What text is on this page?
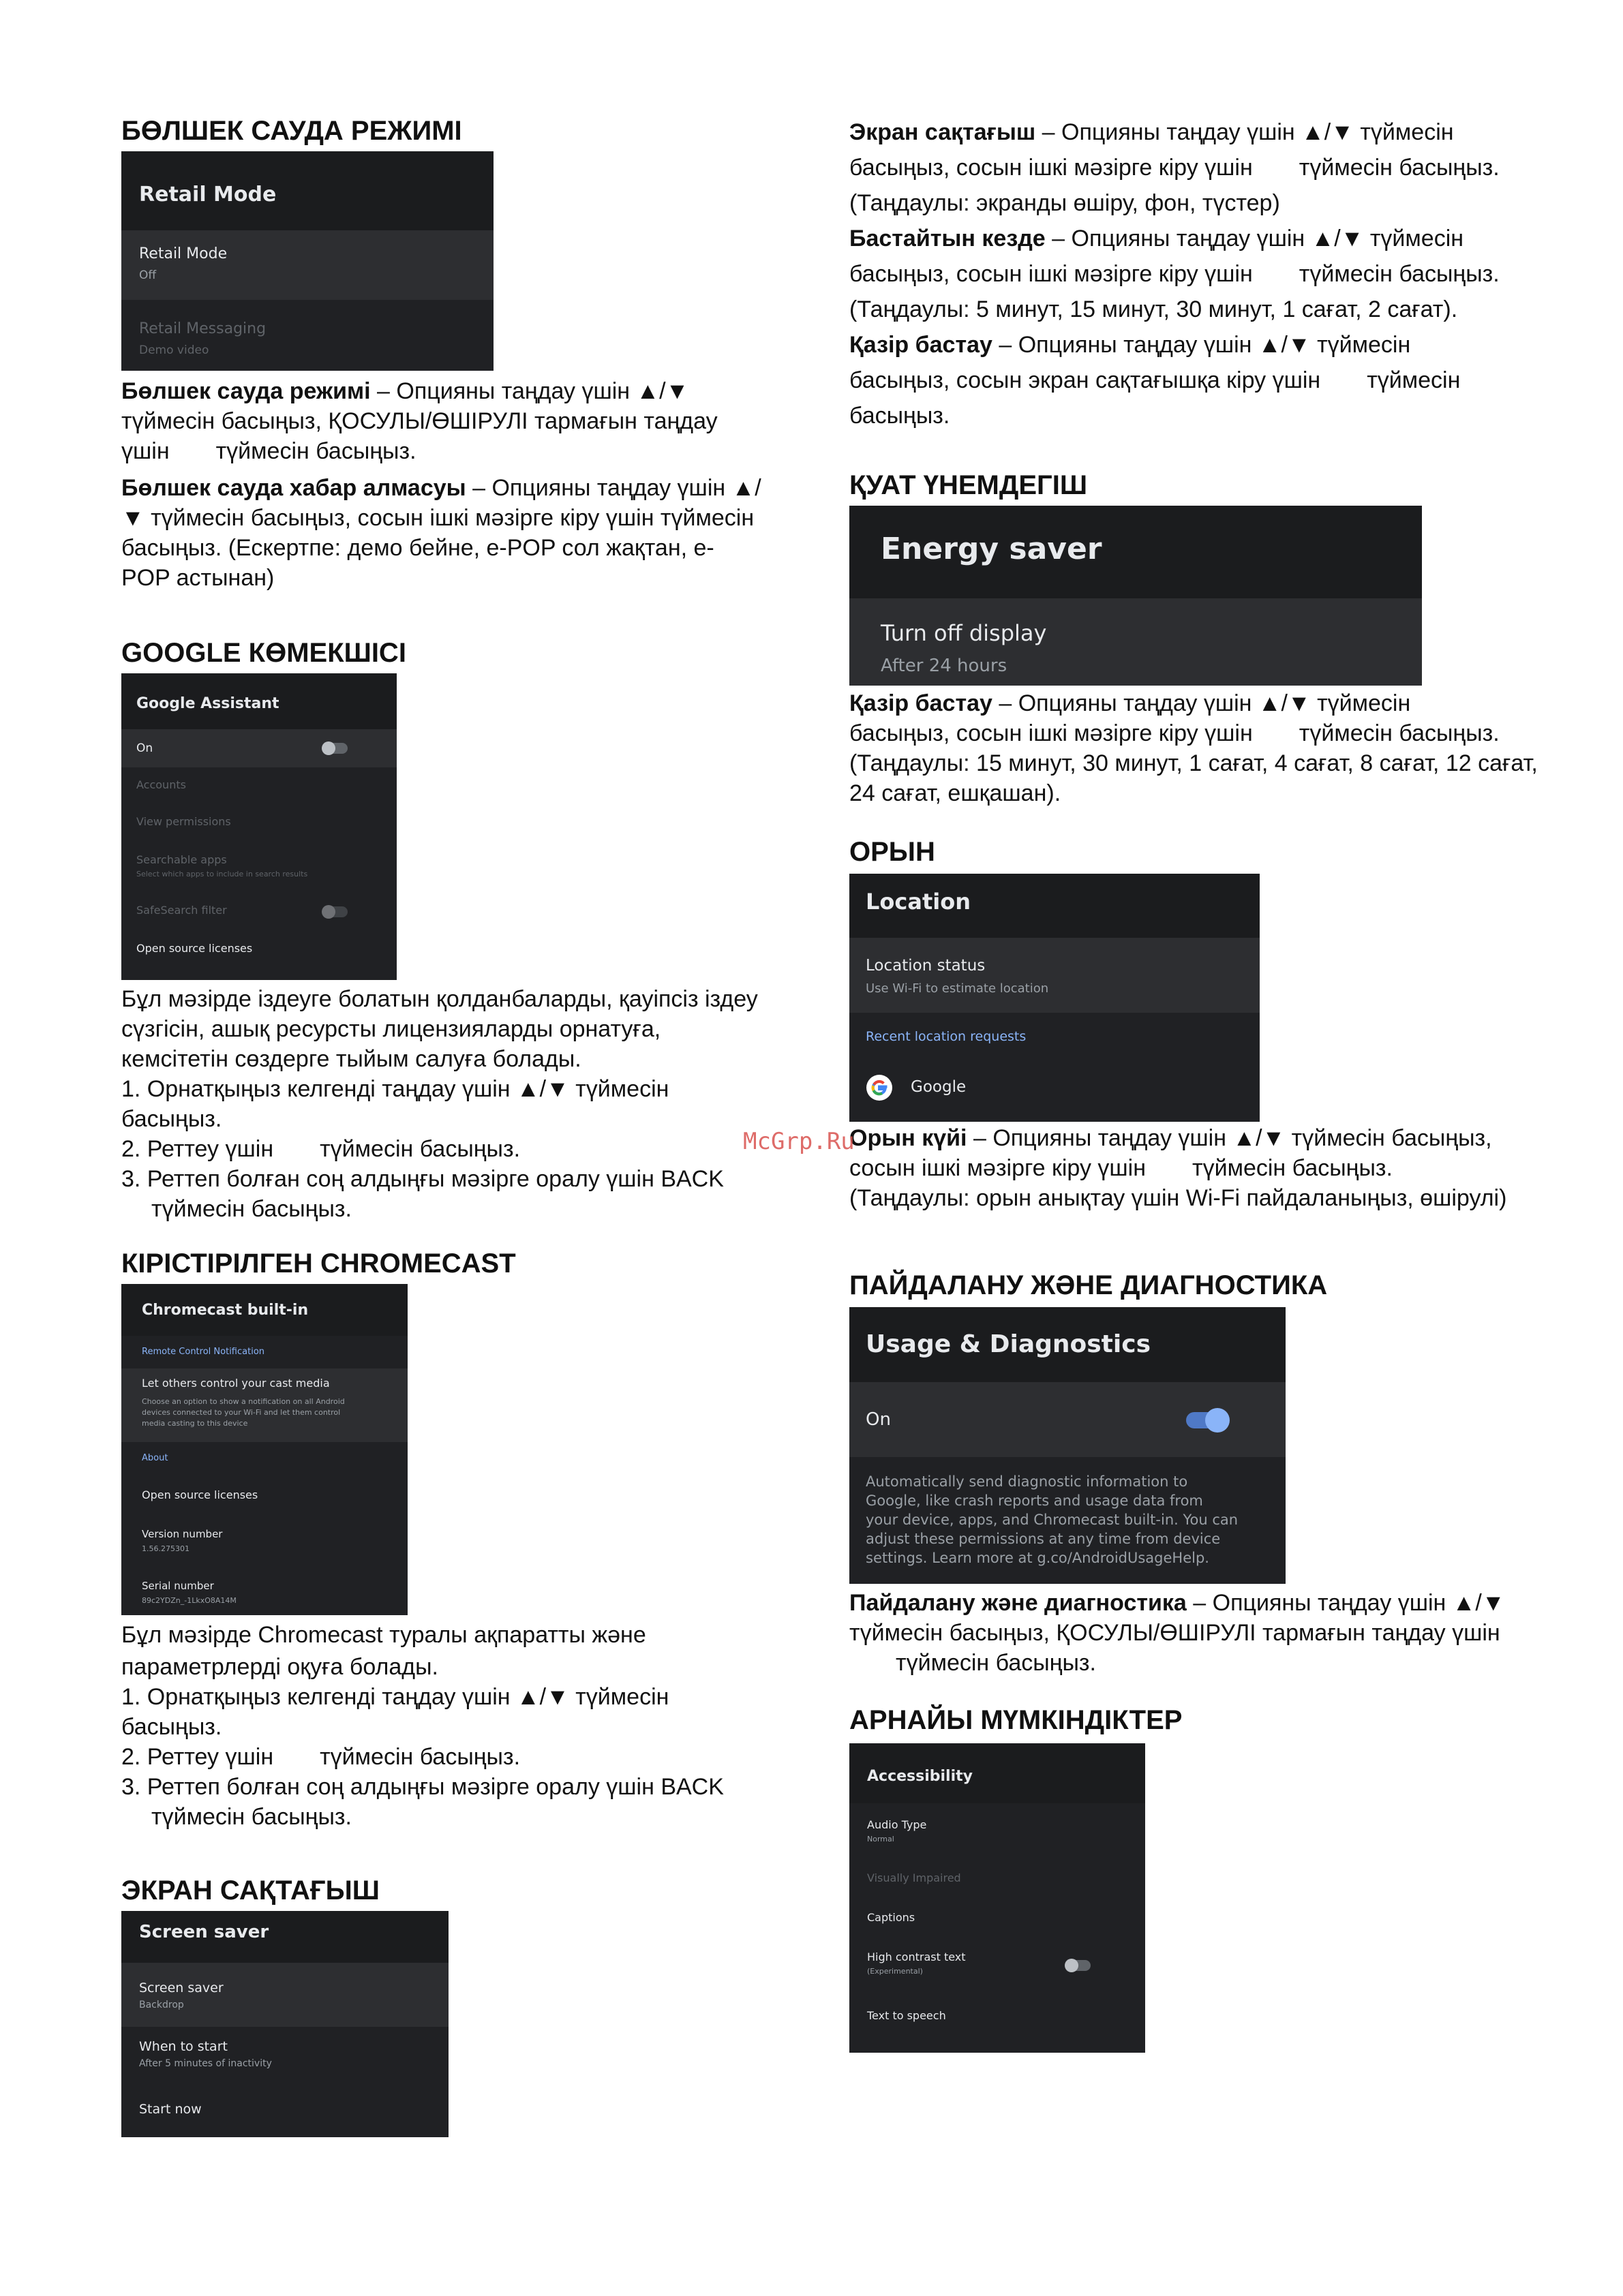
БӨЛШЕК САУДА РЕЖИМІ
Retail Mode
Retail Mode
Off
Retail Messaging
Demo video

Бөлшек сауда режимі – Опцияны таңдау үшін ▲/▼ түймесін басыңыз, ҚОСУЛЫ/ӨШІРУЛІ тармағын таңдау үшін түймесін басыңыз.

Бөлшек сауда хабар алмасуы – Опцияны таңдау үшін ▲/▼ түймесін басыңыз, сосын ішкі мәзірге кіру үшін түймесін басыңыз. (Ескертпе: демо бейне, e-POP сол жақтан, e-POP астынан)

GOOGLE КӨМЕКШІСІ
Google Assistant
On
Accounts
View permissions
Searchable apps
Select which apps to include in search results
SafeSearch filter
Open source licenses

Бұл мәзірде іздеуге болатын қолданбаларды, қауіпсіз іздеу сүзгісін, ашық ресурсты лицензияларды орнатуға, кемсітетін сөздерге тыйым салуға болады.

1. Орнатқыңыз келгенді таңдау үшін ▲/▼ түймесін басыңыз.

2. Реттеу үшін түймесін басыңыз.

3. Реттеп болған соң алдыңғы мәзірге оралу үшін BACK

түймесін басыңыз.

КІРІСТІРІЛГЕН CHROMECAST
Chromecast built-in
Remote Control Notification
Let others control your cast media
Choose an option to show a notification on all Android
devices connected to your Wi-Fi and let them control
media casting to this device
About
Open source licenses
Version number
1.56.275301
Serial number
89c2YDZn_-1LkxO8A14M

Бұл мәзірде Chromecast туралы ақпаратты және

параметрлерді оқуға болады.

1. Орнатқыңыз келгенді таңдау үшін ▲/▼ түймесін басыңыз.

2. Реттеу үшін түймесін басыңыз.

3. Реттеп болған соң алдыңғы мәзірге оралу үшін BACK

түймесін басыңыз.

ЭКРАН САҚТАҒЫШ
Screen saver
Screen saver
Backdrop
When to start
After 5 minutes of inactivity
Start now

Экран сақтағыш – Опцияны таңдау үшін ▲/▼ түймесін

басыңыз, сосын ішкі мәзірге кіру үшін түймесін басыңыз.

(Таңдаулы: экранды өшіру, фон, түстер)

Бастайтын кезде – Опцияны таңдау үшін ▲/▼ түймесін

басыңыз, сосын ішкі мәзірге кіру үшін түймесін басыңыз.

(Таңдаулы: 5 минут, 15 минут, 30 минут, 1 сағат, 2 сағат).

Қазір бастау – Опцияны таңдау үшін ▲/▼ түймесін

басыңыз, сосын экран сақтағышқа кіру үшін түймесін

басыңыз.

ҚУАТ ҮНЕМДЕГІШ
Energy saver
Turn off display
After 24 hours

Қазір бастау – Опцияны таңдау үшін ▲/▼ түймесін

басыңыз, сосын ішкі мәзірге кіру үшін түймесін басыңыз.

(Таңдаулы: 15 минут, 30 минут, 1 сағат, 4 сағат, 8 сағат, 12 сағат, 24 сағат, ешқашан).

ОРЫН
Location
Location status
Use Wi-Fi to estimate location
Recent location requests
Google

Орын күйі – Опцияны таңдау үшін ▲/▼ түймесін басыңыз,

сосын ішкі мәзірге кіру үшін түймесін басыңыз.

(Таңдаулы: орын анықтау үшін Wi-Fi пайдаланыңыз, өшірулі)

ПАЙДАЛАНУ ЖӘНЕ ДИАГНОСТИКА
Usage & Diagnostics
On
Automatically send diagnostic information to
Google, like crash reports and usage data from
your device, apps, and Chromecast built-in. You can
adjust these permissions at any time from device
settings. Learn more at g.co/AndroidUsageHelp.

Пайдалану және диагностика – Опцияны таңдау үшін ▲/▼ түймесін басыңыз, ҚОСУЛЫ/ӨШІРУЛІ тармағын таңдау үшінтүймесін басыңыз.

АРНАЙЫ МҮМКІНДІКТЕР
Accessibility
Audio Type
Normal
Visually Impaired
Captions
High contrast text
(Experimental)
Text to speech
McGrp.Ru
